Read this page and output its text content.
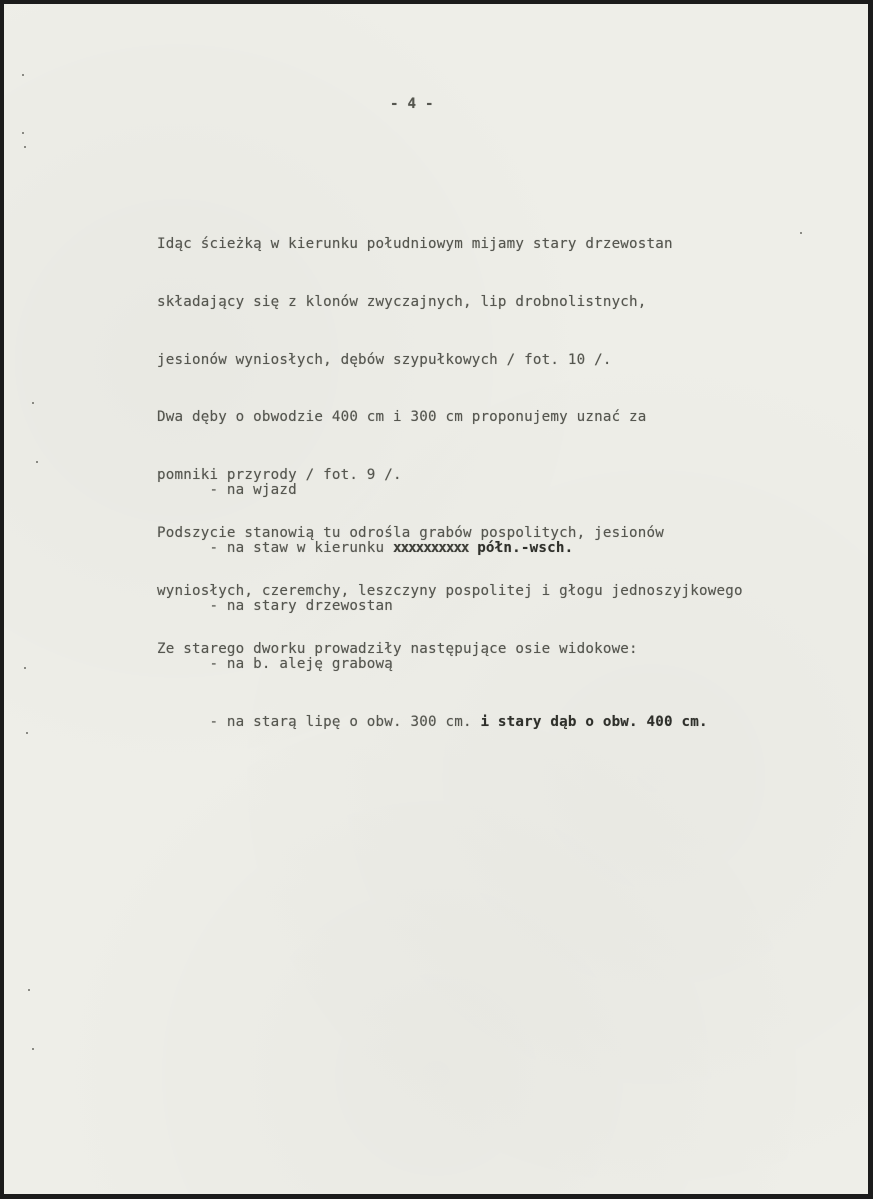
- 4 -

Idąc ścieżką w kierunku południowym mijamy stary drzewostan

składający się z klonów zwyczajnych, lip drobnolistnych,

jesionów wyniosłych, dębów szypułkowych / fot. 10 /.

Dwa dęby o obwodzie 400 cm i 300 cm proponujemy uznać za

pomniki przyrody / fot. 9 /.

Podszycie stanowią tu odrośla grabów pospolitych, jesionów

wyniosłych, czeremchy, leszczyny pospolitej i głogu jednoszyjkowego

Ze starego dworku prowadziły następujące osie widokowe:

- na wjazd

- na staw w kierunku xxxxxxxxxx półn.-wsch.

- na stary drzewostan

- na b. aleję grabową

- na starą lipę o obw. 300 cm. i stary dąb o obw. 400 cm.
